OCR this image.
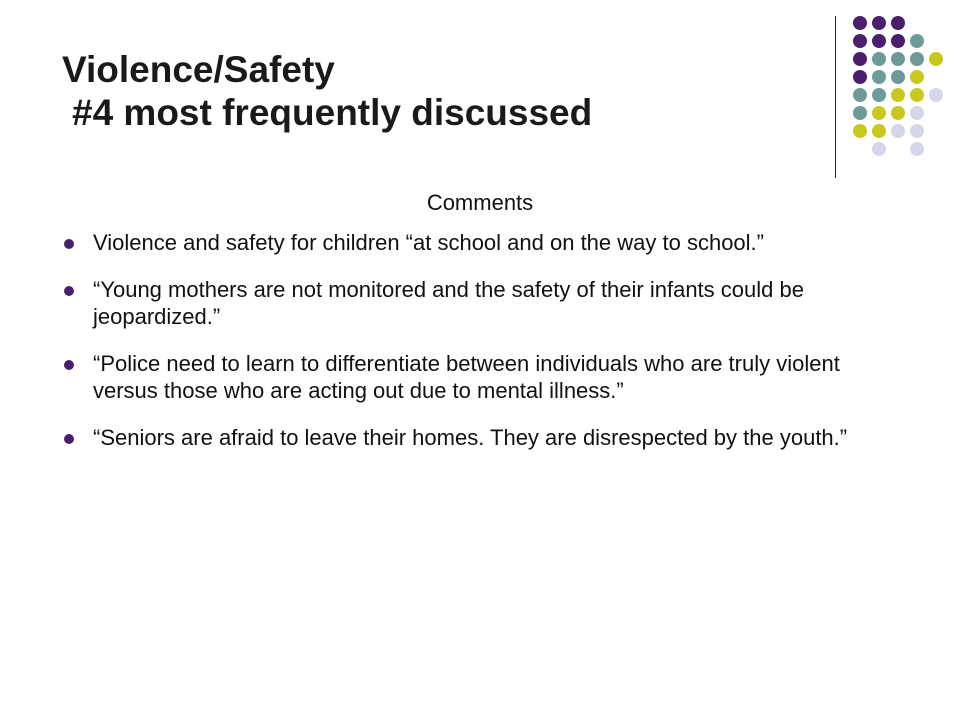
Violence/Safety
#4 most frequently discussed
Comments
Violence and safety for children “at school and on the way to school.”
“Young mothers are not monitored and the safety of their infants could be jeopardized.”
“Police need to learn to differentiate between individuals who are truly violent versus those who are acting out due to mental illness.”
“Seniors are afraid to leave their homes. They are disrespected by the youth.”
